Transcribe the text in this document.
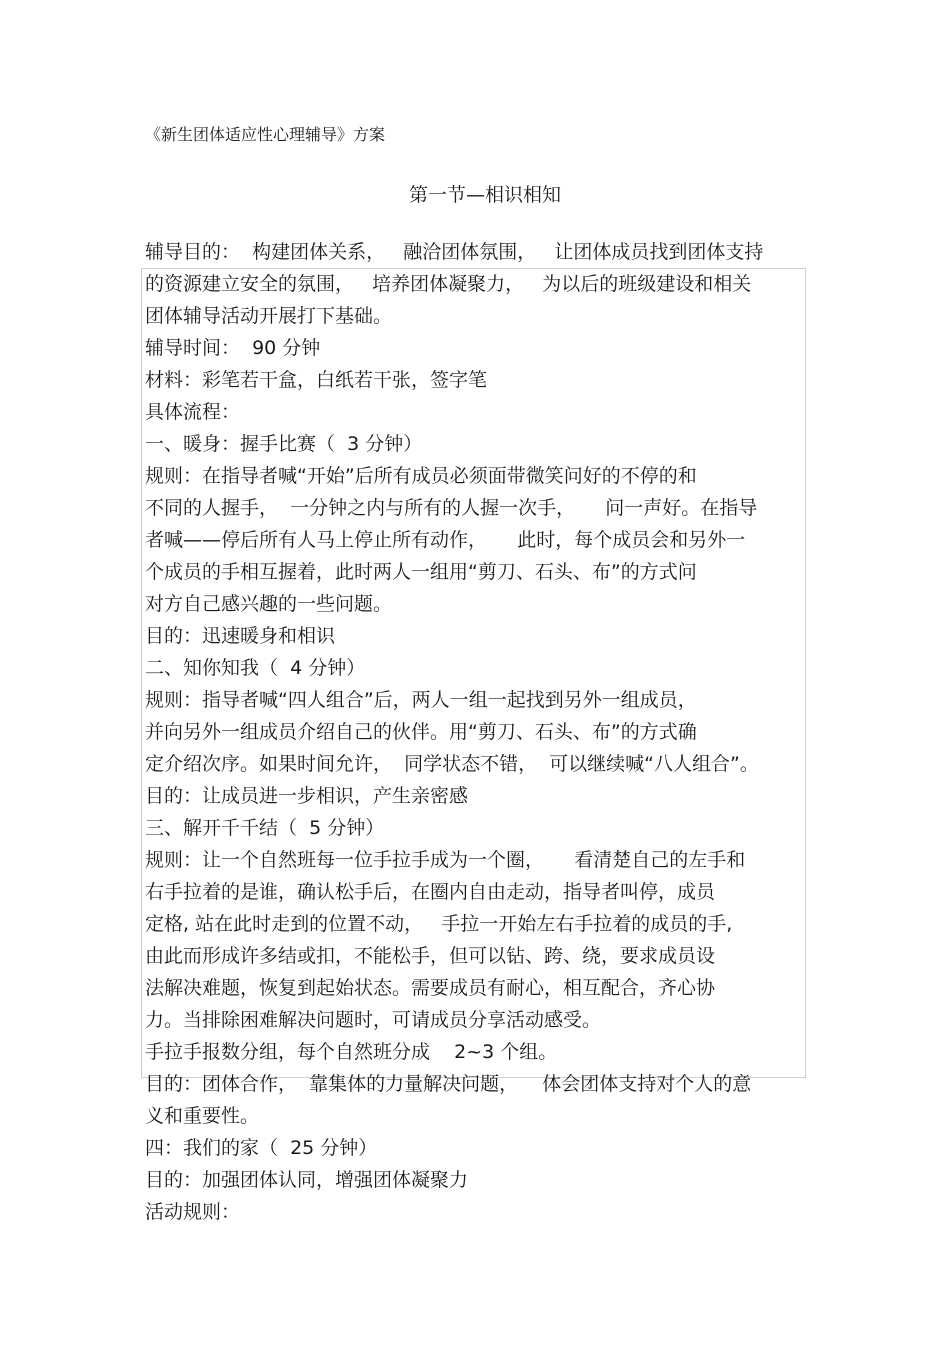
《新生团体适应性心理辅导》方案
第一节—相识相知
辅导目的：  构建团体关系，   融洽团体氛围，   让团体成员找到团体支持
的资源建立安全的氛围，   培养团体凝聚力，   为以后的班级建设和相关
团体辅导活动开展打下基础。
辅导时间：  90 分钟
材料：彩笔若干盒，白纸若干张，签字笔
具体流程：
一、暖身：握手比赛（  3 分钟）
规则：在指导者喊“开始”后所有成员必须面带微笑问好的不停的和
不同的人握手，  一分钟之内与所有的人握一次手，     问一声好。在指导
者喊——停后所有人马上停止所有动作，     此时，每个成员会和另外一
个成员的手相互握着，此时两人一组用“剪刀、石头、布”的方式问
对方自己感兴趣的一些问题。
目的：迅速暖身和相识
二、知你知我（  4 分钟）
规则：指导者喊“四人组合”后，两人一组一起找到另外一组成员，
并向另外一组成员介绍自己的伙伴。用“剪刀、石头、布”的方式确
定介绍次序。如果时间允许，  同学状态不错，  可以继续喊“八人组合”。
目的：让成员进一步相识，产生亲密感
三、解开千千结（  5 分钟）
规则：让一个自然班每一位手拉手成为一个圈，     看清楚自己的左手和
右手拉着的是谁，确认松手后，在圈内自由走动，指导者叫停，成员
定格, 站在此时走到的位置不动，   手拉一开始左右手拉着的成员的手,
由此而形成许多结或扣，不能松手，但可以钻、跨、绕，要求成员设
法解决难题，恢复到起始状态。需要成员有耐心，相互配合，齐心协
力。当排除困难解决问题时，可请成员分享活动感受。
手拉手报数分组，每个自然班分成    2~3 个组。
目的：团体合作，  靠集体的力量解决问题，    体会团体支持对个人的意
义和重要性。
四：我们的家（  25 分钟）
目的：加强团体认同，增强团体凝聚力
活动规则：
